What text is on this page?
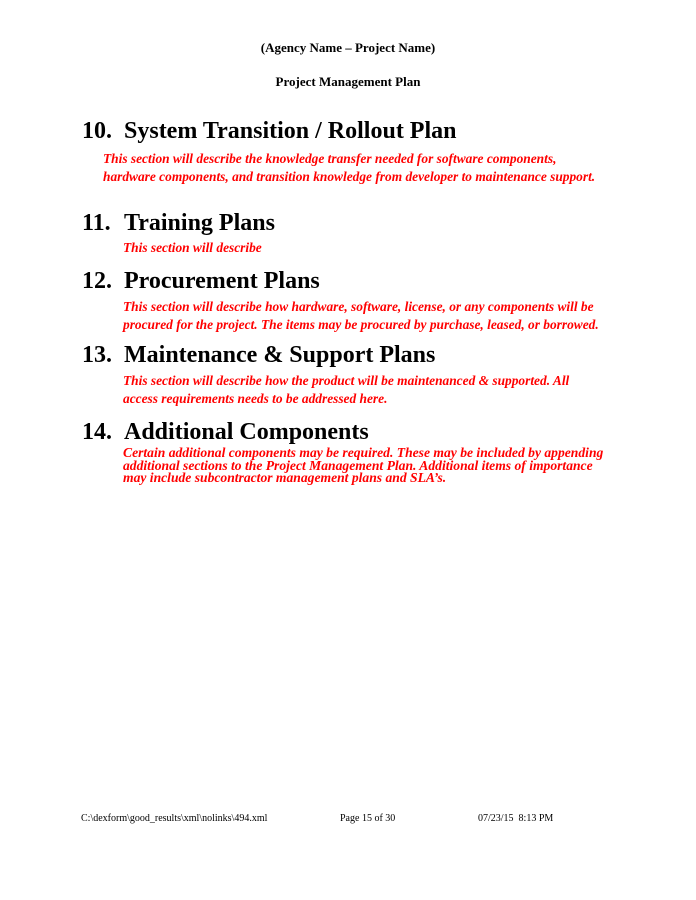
(Agency Name – Project Name)
Project Management Plan
10. System Transition / Rollout Plan
This section will describe the knowledge transfer needed for software components,
hardware components, and transition knowledge from developer to maintenance support.
11. Training Plans
This section will describe
12. Procurement Plans
This section will describe how hardware, software, license, or any components will be
procured for the project. The items may be procured by purchase, leased, or borrowed.
13. Maintenance & Support Plans
This section will describe how the product will be maintenanced & supported. All
access requirements needs to be addressed here.
14. Additional Components
Certain additional components may be required. These may be included by appending
additional sections to the Project Management Plan. Additional items of importance
may include subcontractor management plans and SLA’s.
C:\dexform\good_results\xml\nolinks\494.xml	Page 15 of 30	07/23/15  8:13 PM
